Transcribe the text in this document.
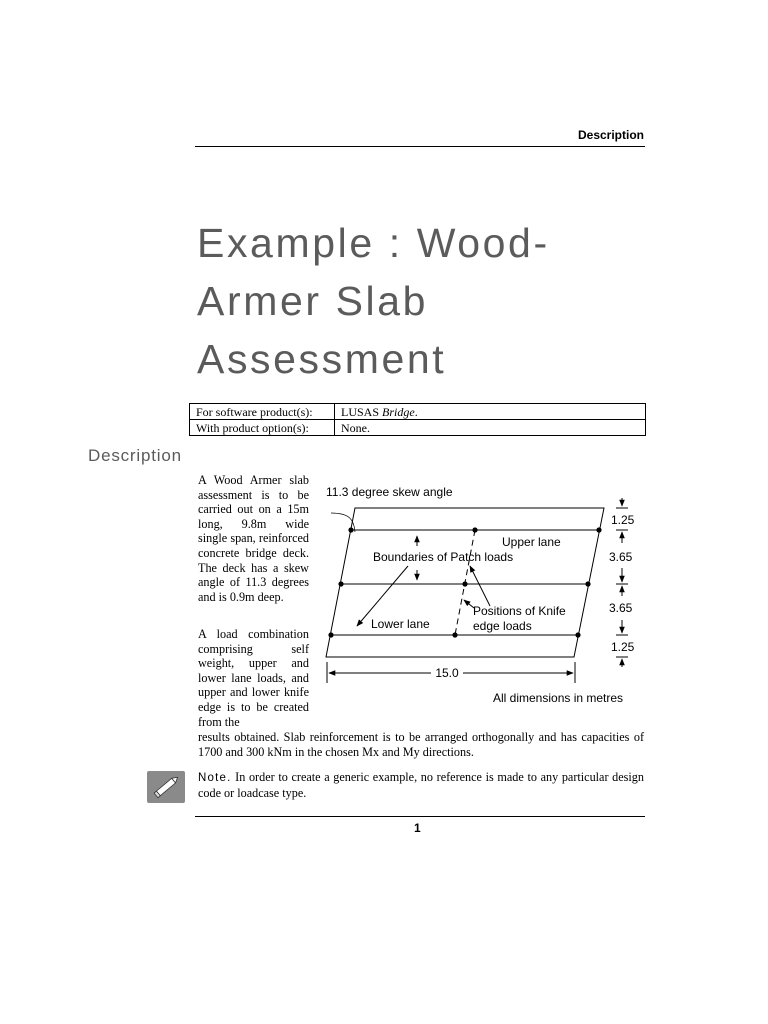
Description
Example : Wood-
Armer Slab
Assessment
For software product(s):	LUSAS Bridge.
With product option(s):	None.
Description

A Wood Armer slab assessment is to be carried out on a 15m long, 9.8m wide single span, reinforced concrete bridge deck. The deck has a skew angle of 11.3 degrees and is 0.9m deep.

A load combination comprising self weight, upper and lower lane loads, and upper and lower knife edge is to be created from the

results obtained. Slab reinforcement is to be arranged orthogonally and has capacities of 1700 and 300 kNm in the chosen Mx and My directions.

11.3 degree skew angle
Boundaries of Patch loads
Upper lane
Lower lane
Positions of Knife
edge loads
15.0
All dimensions in metres
1.25
3.65
3.65
1.25

Note. In order to create a generic example, no reference is made to any particular design code or loadcase type.

1
